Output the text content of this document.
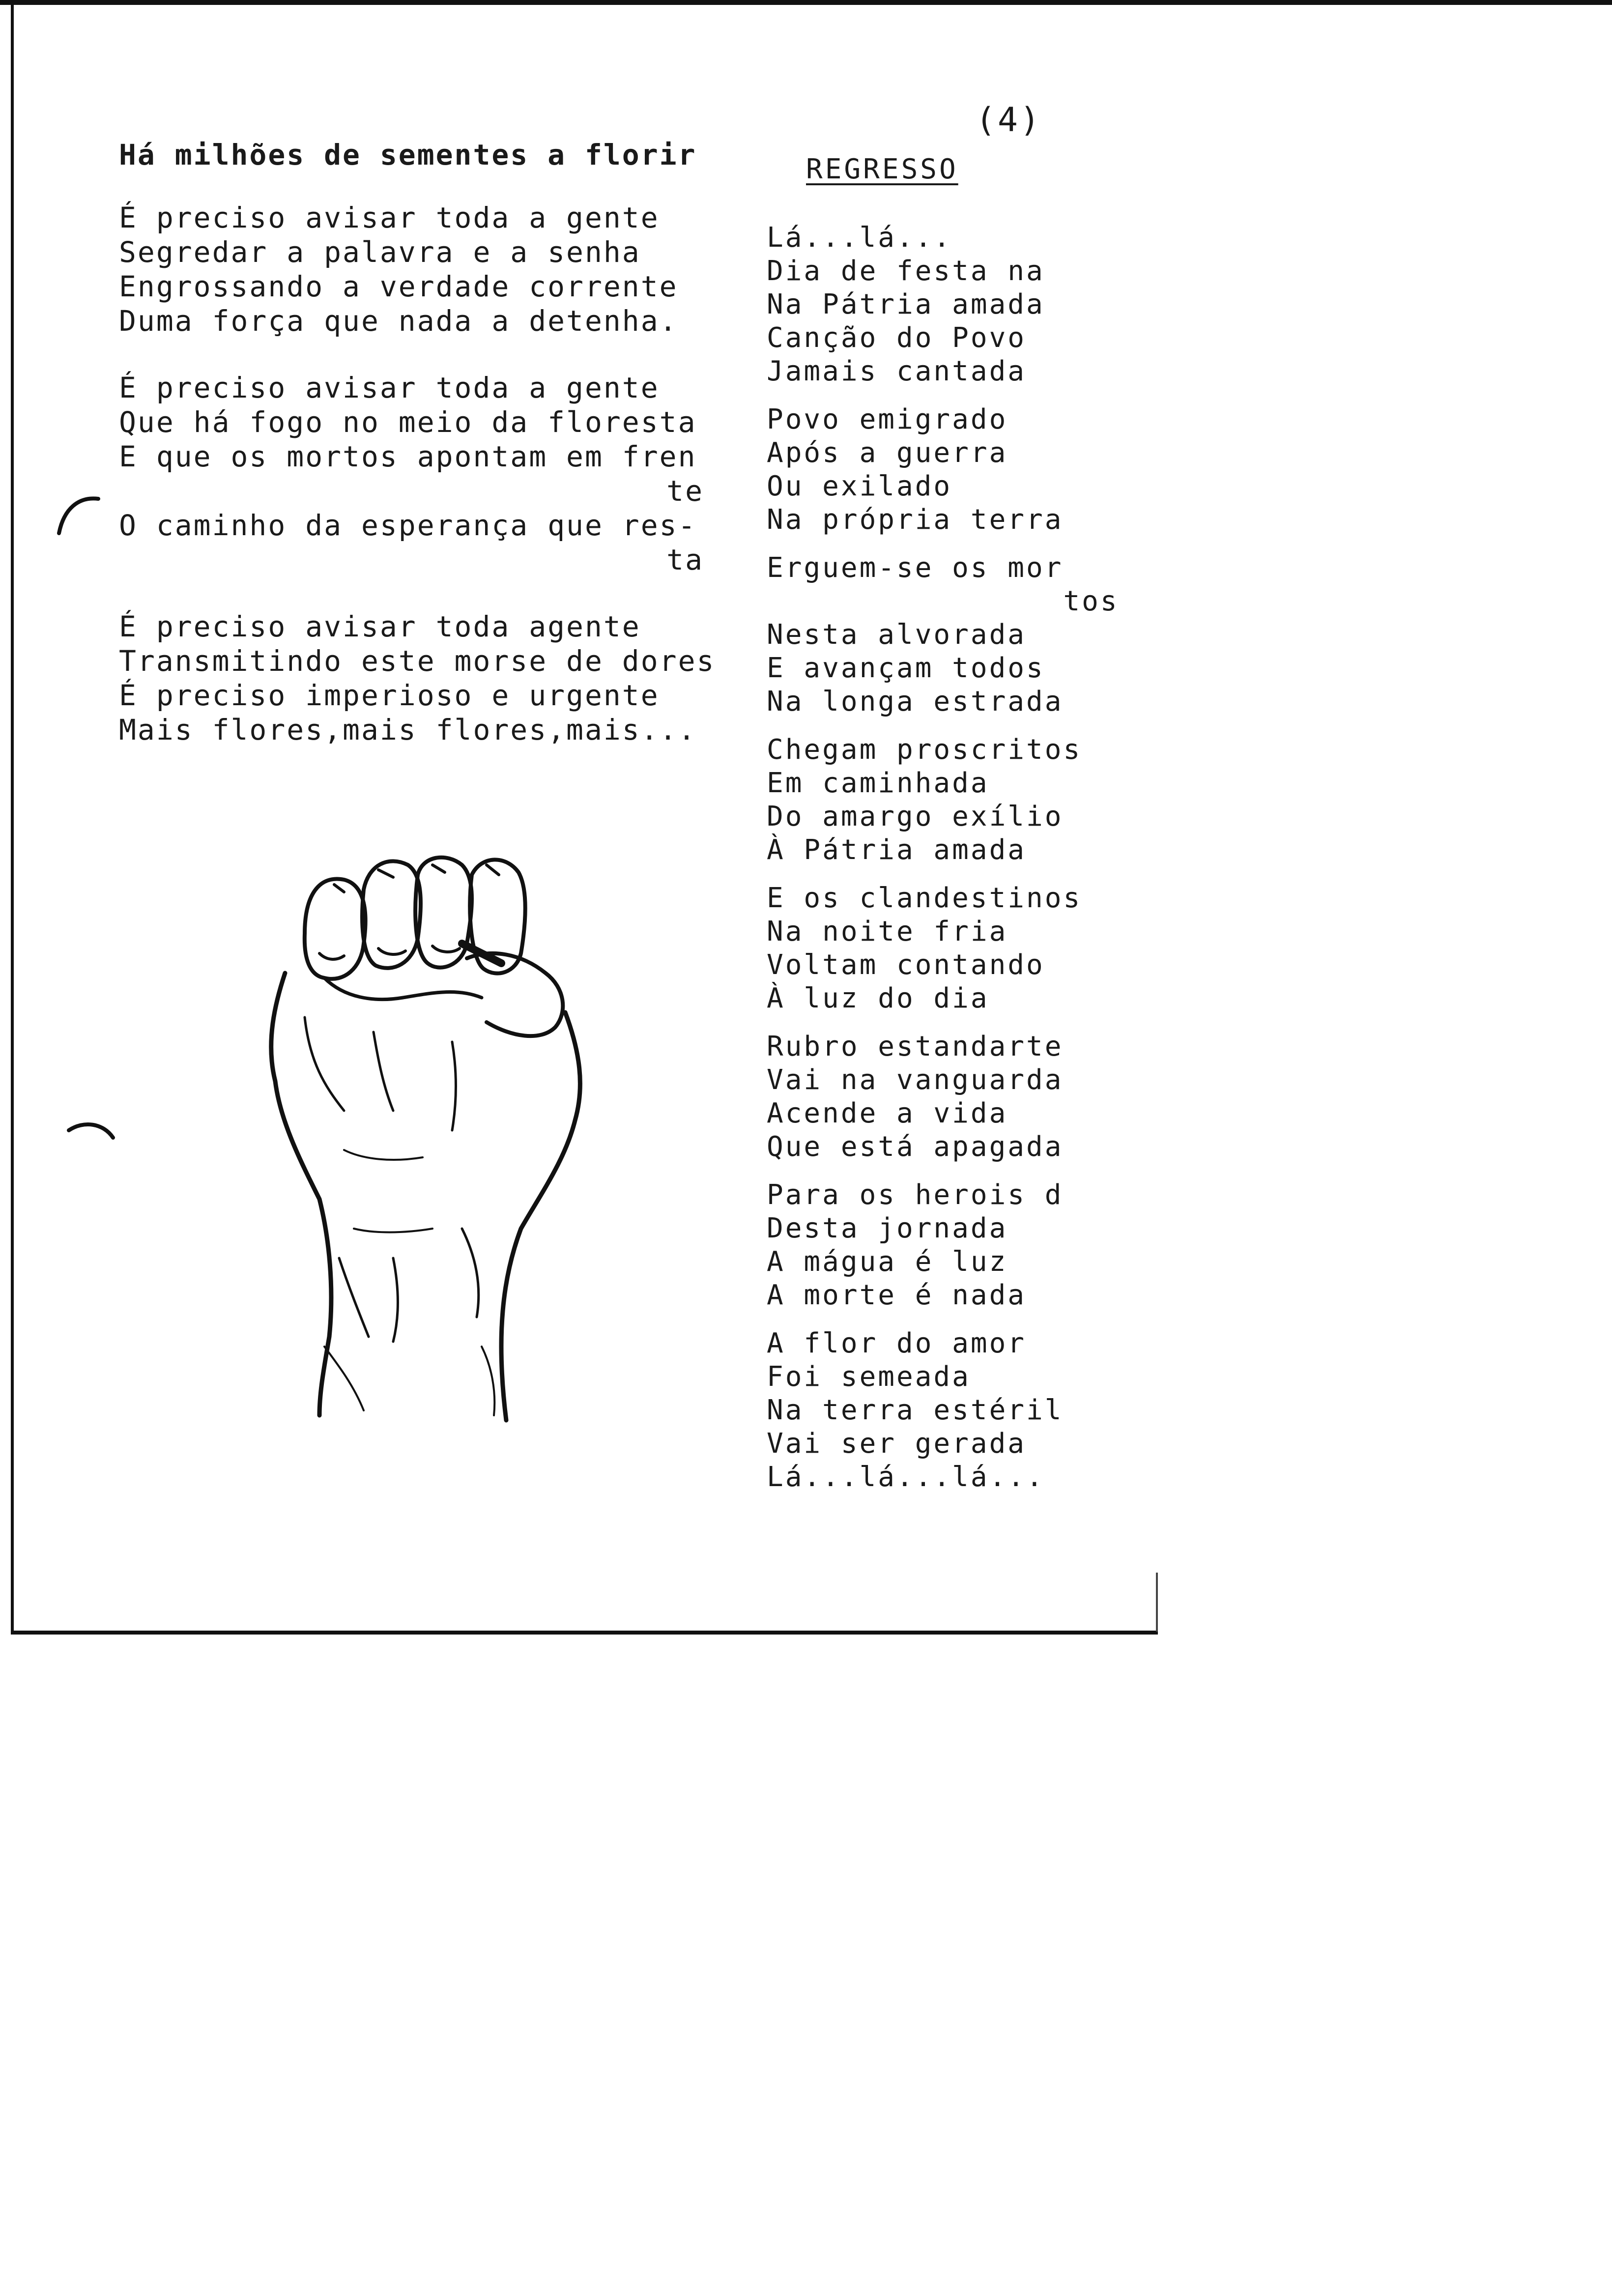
(4)
Há milhões de sementes a florir
É preciso avisar toda a gente
Segredar a palavra e a senha
Engrossando a verdade corrente
Duma força que nada a detenha.
É preciso avisar toda a gente
Que há fogo no meio da floresta
E que os mortos apontam em fren
te
O caminho da esperança que res-
ta
É preciso avisar toda agente
Transmitindo este morse de dores
É preciso imperioso e urgente
Mais flores,mais flores,mais...
REGRESSO
Lá...lá...
Dia de festa na
Na Pátria amada
Canção do Povo
Jamais cantada
Povo emigrado
Após a guerra
Ou exilado
Na própria terra
Erguem-se os mor
tos
Nesta alvorada
E avançam todos
Na longa estrada
Chegam proscritos
Em caminhada
Do amargo exílio
À Pátria amada
E os clandestinos
Na noite fria
Voltam contando
À luz do dia
Rubro estandarte
Vai na vanguarda
Acende a vida
Que está apagada
Para os herois d
Desta jornada
A mágua é luz
A morte é nada
A flor do amor
Foi semeada
Na terra estéril
Vai ser gerada
Lá...lá...lá...
